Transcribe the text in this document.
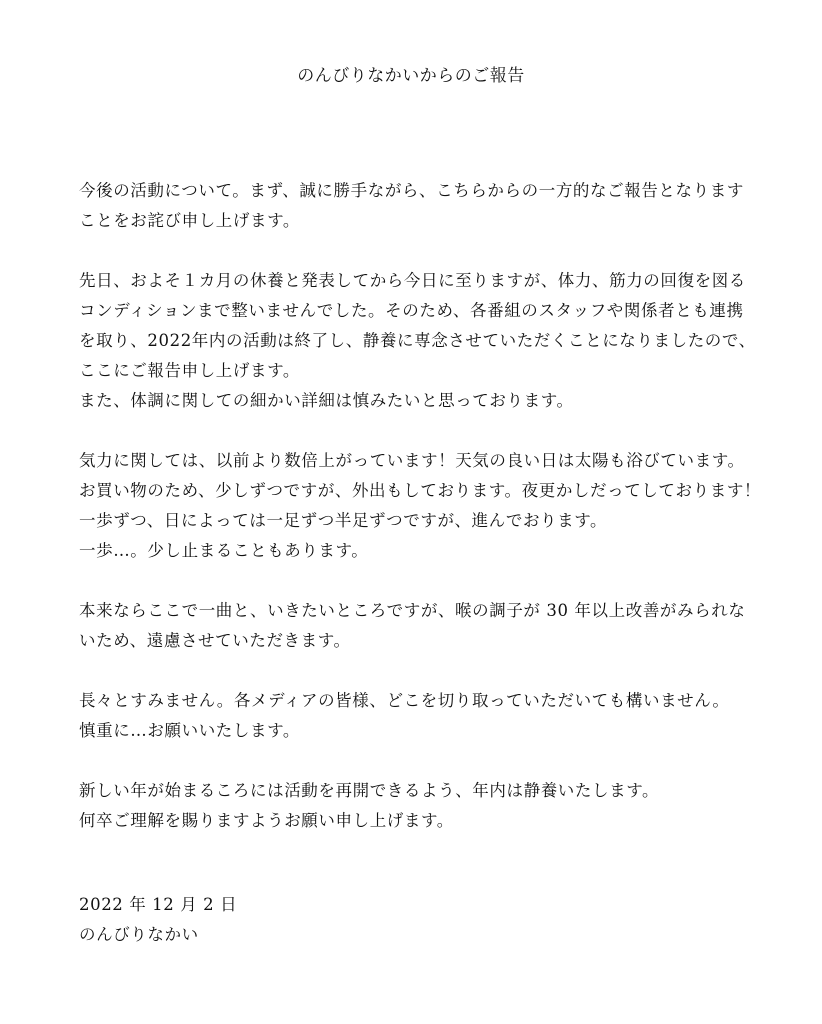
のんびりなかいからのご報告

今後の活動について。まず、誠に勝手ながら、こちらからの一方的なご報告となります
ことをお詫び申し上げます。

先日、およそ１カ月の休養と発表してから今日に至りますが、体力、筋力の回復を図る
コンディションまで整いませんでした。そのため、各番組のスタッフや関係者とも連携
を取り、2022年内の活動は終了し、静養に専念させていただくことになりましたので、
ここにご報告申し上げます。
また、体調に関しての細かい詳細は慎みたいと思っております。

気力に関しては、以前より数倍上がっています！天気の良い日は太陽も浴びています。
お買い物のため、少しずつですが、外出もしております。夜更かしだってしております！
一歩ずつ、日によっては一足ずつ半足ずつですが、進んでおります。
一歩…。少し止まることもあります。

本来ならここで一曲と、いきたいところですが、喉の調子が 30 年以上改善がみられな
いため、遠慮させていただきます。

長々とすみません。各メディアの皆様、どこを切り取っていただいても構いません。
慎重に…お願いいたします。

新しい年が始まるころには活動を再開できるよう、年内は静養いたします。
何卒ご理解を賜りますようお願い申し上げます。

2022 年 12 月 2 日
のんびりなかい
